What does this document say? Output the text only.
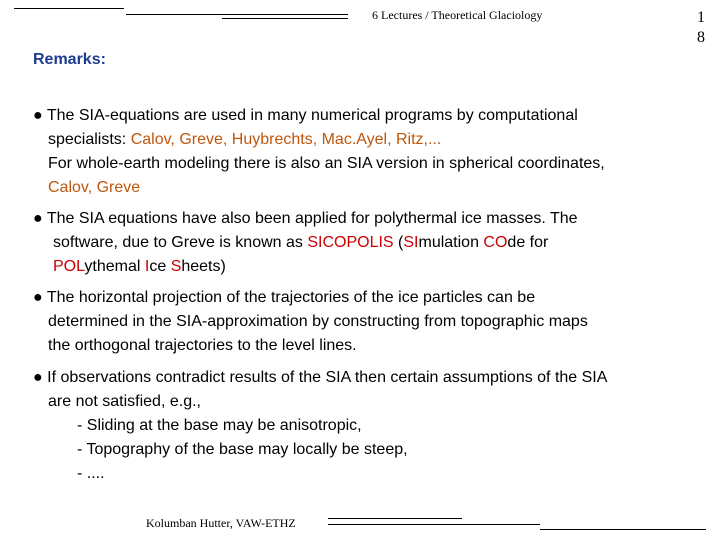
6 Lectures / Theoretical Glaciology	1
8
Remarks:
● The SIA-equations are used in many numerical programs by computational
specialists: Calov, Greve, Huybrechts, Mac.Ayel, Ritz,...
For whole-earth modeling there is also an SIA version in spherical coordinates,
Calov, Greve
● The SIA equations have also been applied for polythermal ice masses. The
software, due to Greve is known as SICOPOLIS (SImulation COde for
POLythemal Ice Sheets)
● The horizontal projection of the trajectories of the ice particles can be
determined in the SIA-approximation by constructing from topographic maps
the orthogonal trajectories to the level lines.
● If observations contradict results of the SIA then certain assumptions of the SIA
are not satisfied, e.g.,
- Sliding at the base may be anisotropic,
- Topography of the base may locally be steep,
- ....
Kolumban Hutter, VAW-ETHZ
